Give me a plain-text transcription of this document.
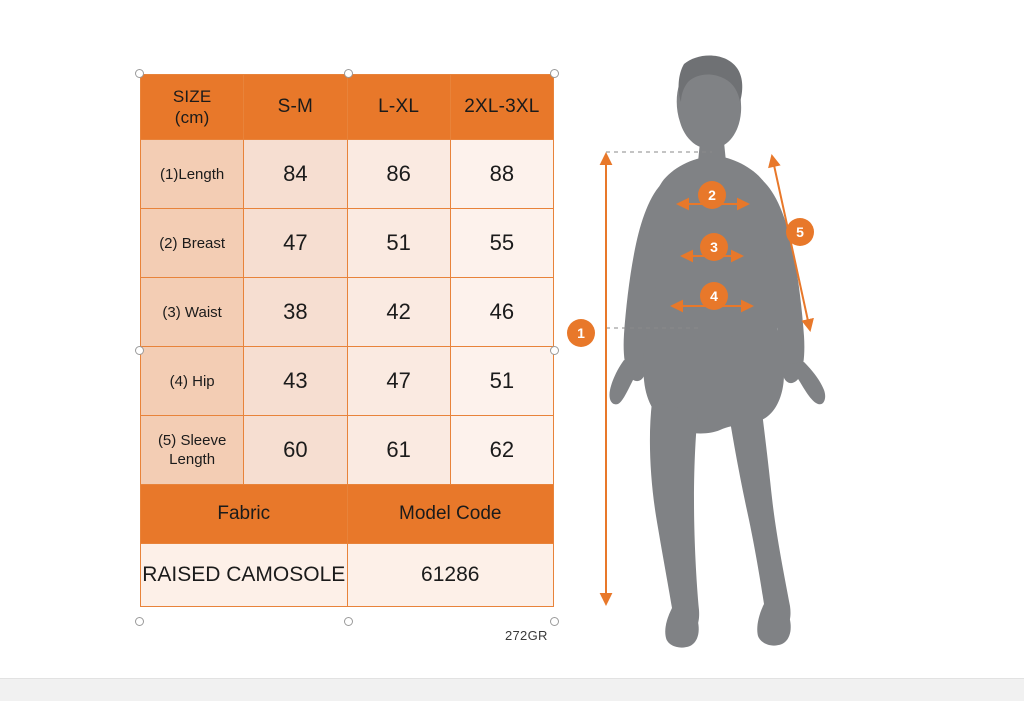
SIZE
(cm)	S-M	L-XL	2XL-3XL
(1)Length	84	86	88
(2) Breast	47	51	55
(3) Waist	38	42	46
(4) Hip	43	47	51
(5) Sleeve Length	60	61	62
Fabric		Model Code	
RAISED CAMOSOLE		61286	
272GR
1
2
3
4
5
